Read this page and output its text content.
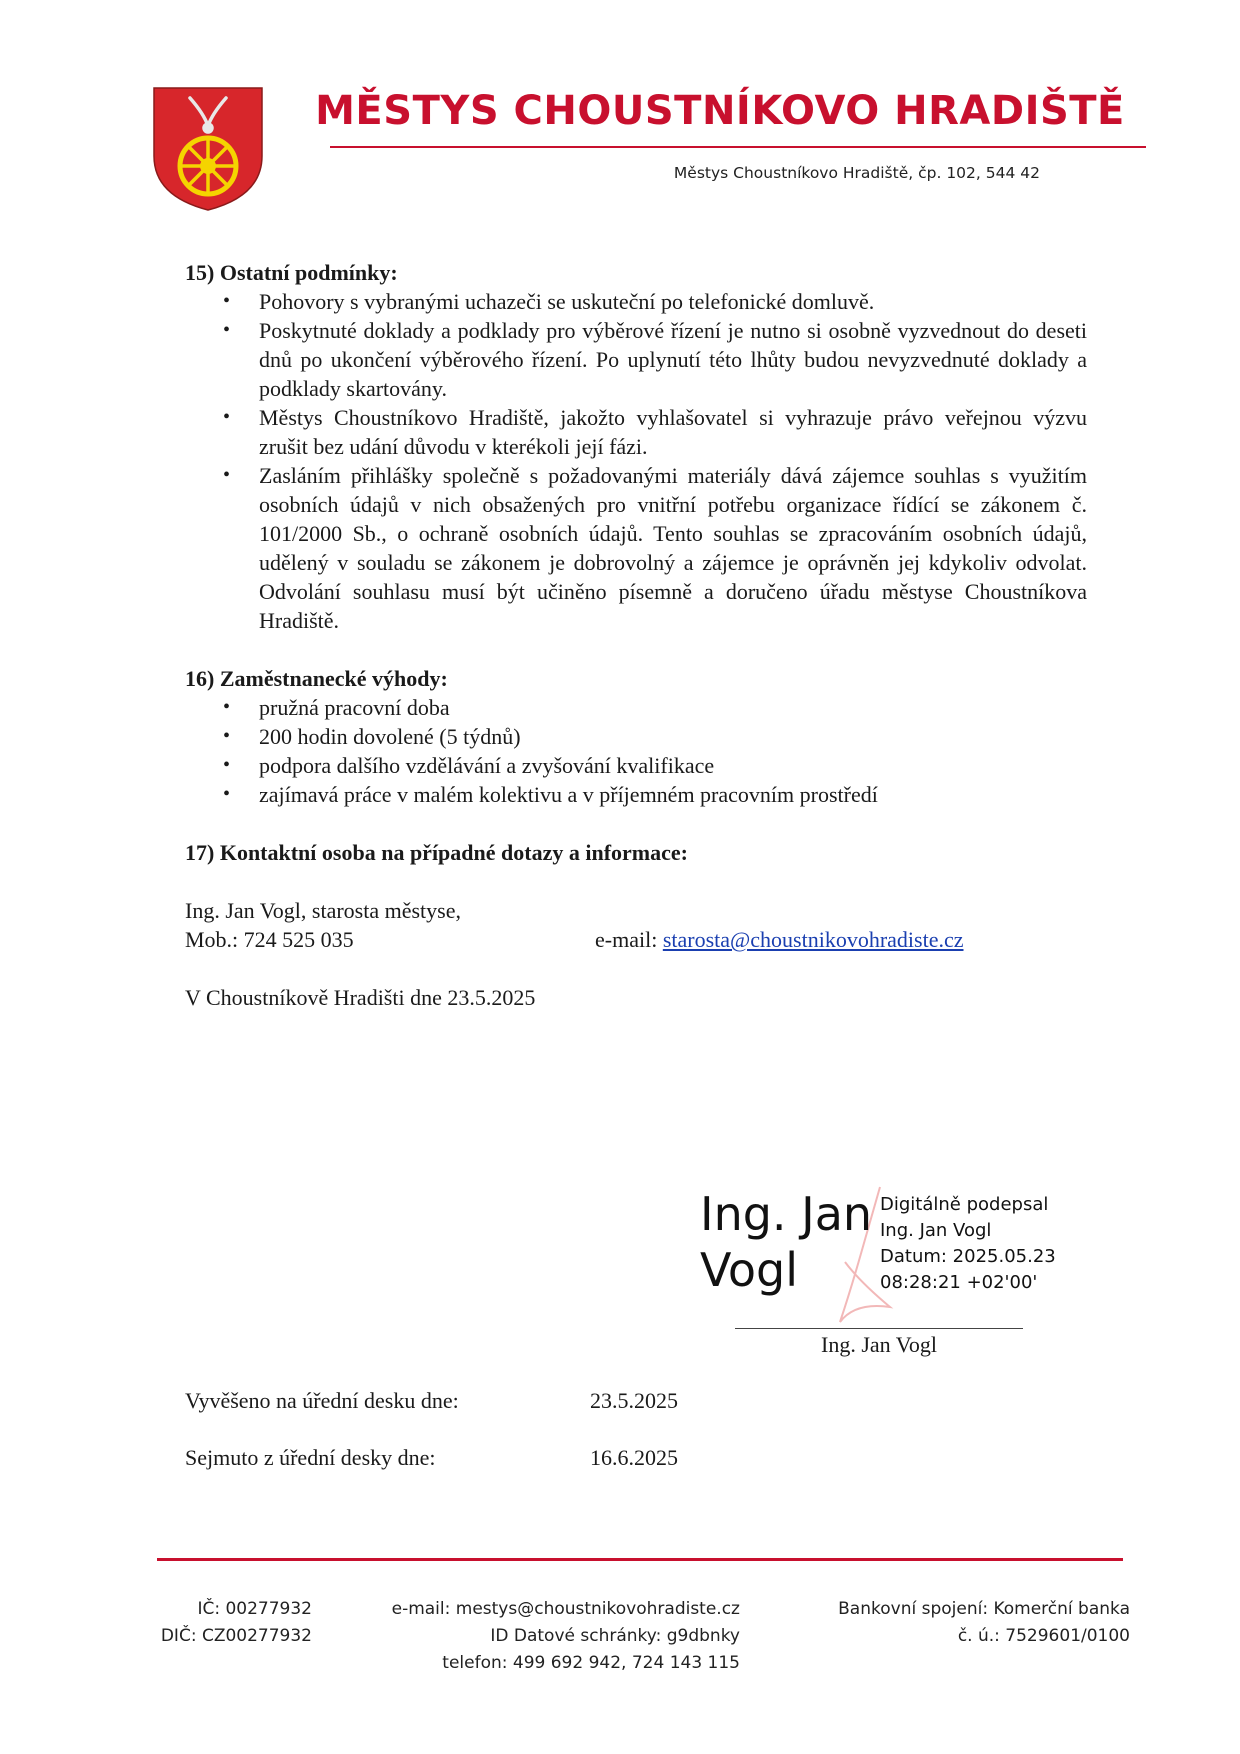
MĚSTYS CHOUSTNÍKOVO HRADIŠTĚ
Městys Choustníkovo Hradiště, čp. 102, 544 42
15) Ostatní podmínky:
• Pohovory s vybranými uchazeči se uskuteční po telefonické domluvě.
• Poskytnuté doklady a podklady pro výběrové řízení je nutno si osobně vyzvednout do deseti dnů po ukončení výběrového řízení. Po uplynutí této lhůty budou nevyzvednuté doklady a podklady skartovány.
• Městys Choustníkovo Hradiště, jakožto vyhlašovatel si vyhrazuje právo veřejnou výzvu zrušit bez udání důvodu v kterékoli její fázi.
• Zasláním přihlášky společně s požadovanými materiály dává zájemce souhlas s využitím osobních údajů v nich obsažených pro vnitřní potřebu organizace řídící se zákonem č. 101/2000 Sb., o ochraně osobních údajů. Tento souhlas se zpracováním osobních údajů, udělený v souladu se zákonem je dobrovolný a zájemce je oprávněn jej kdykoliv odvolat. Odvolání souhlasu musí být učiněno písemně a doručeno úřadu městyse Choustníkova Hradiště.
16) Zaměstnanecké výhody:
• pružná pracovní doba
• 200 hodin dovolené (5 týdnů)
• podpora dalšího vzdělávání a zvyšování kvalifikace
• zajímavá práce v malém kolektivu a v příjemném pracovním prostředí
17) Kontaktní osoba na případné dotazy a informace:
Ing. Jan Vogl, starosta městyse,
Mob.: 724 525 035	e-mail: starosta@choustnikovohradiste.cz
V Choustníkově Hradišti dne 23.5.2025
Ing. Jan
Vogl
Digitálně podepsal
Ing. Jan Vogl
Datum: 2025.05.23
08:28:21 +02'00'
Ing. Jan Vogl
Vyvěšeno na úřední desku dne:	23.5.2025
Sejmuto z úřední desky dne:	16.6.2025
IČ: 00277932
DIČ: CZ00277932
e-mail: mestys@choustnikovohradiste.cz
ID Datové schránky: g9dbnky
telefon: 499 692 942, 724 143 115
Bankovní spojení: Komerční banka
č. ú.: 7529601/0100
